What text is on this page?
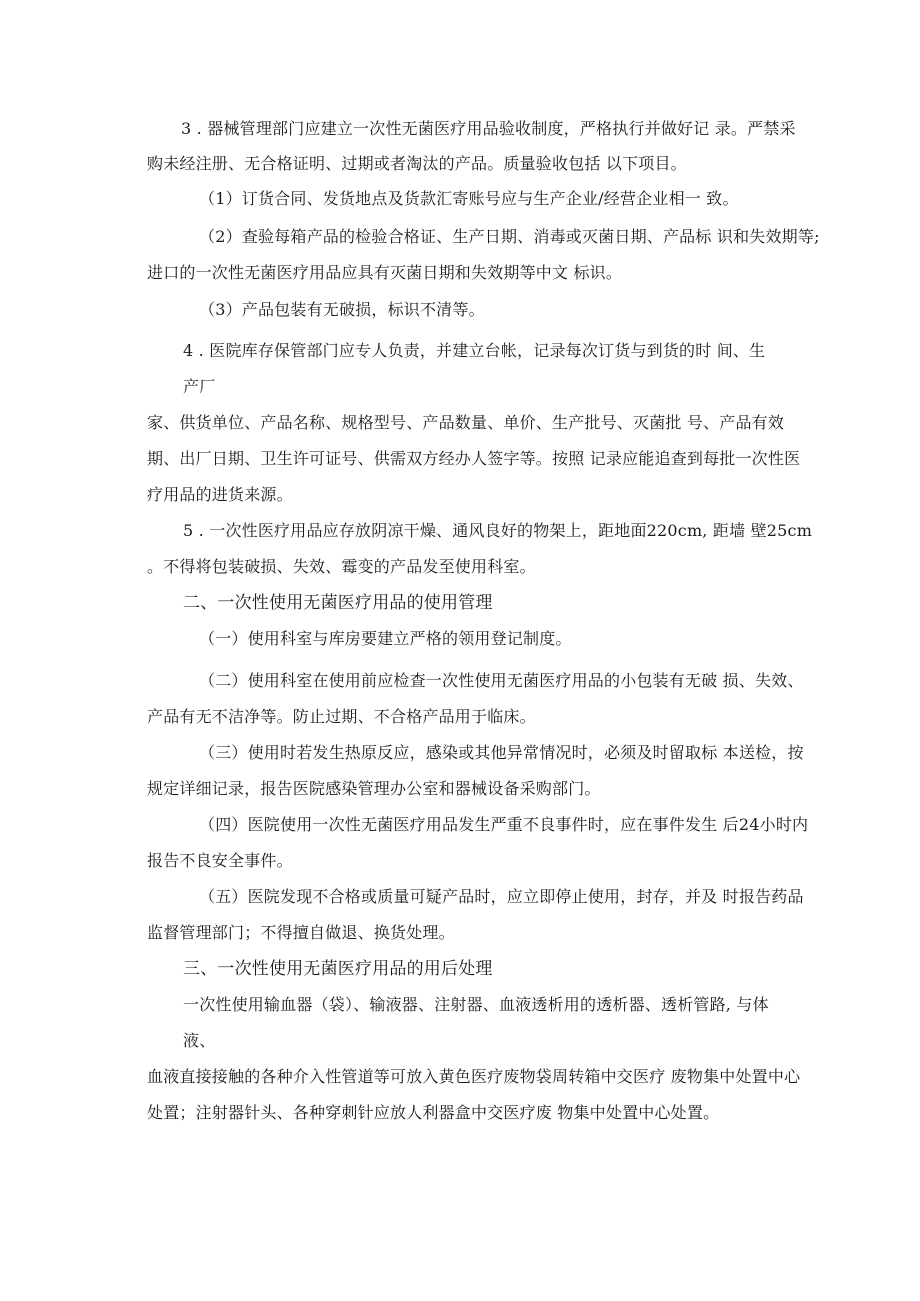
3 . 器械管理部门应建立一次性无菌医疗用品验收制度，严格执行并做好记 录。严禁采
购未经注册、无合格证明、过期或者淘汰的产品。质量验收包括 以下项目。
（1）订货合同、发货地点及货款汇寄账号应与生产企业/经营企业相一 致。
（2）查验每箱产品的检验合格证、生产日期、消毒或灭菌日期、产品标 识和失效期等;
进口的一次性无菌医疗用品应具有灭菌日期和失效期等中文 标识。
（3）产品包装有无破损，标识不清等。
4 . 医院库存保管部门应专人负责，并建立台帐，记录每次订货与到货的时 间、生
产厂
家、供货单位、产品名称、规格型号、产品数量、单价、生产批号、灭菌批 号、产品有效
期、出厂日期、卫生许可证号、供需双方经办人签字等。按照 记录应能追查到每批一次性医
疗用品的进货来源。
5 . 一次性医疗用品应存放阴凉干燥、通风良好的物架上，距地面220cm, 距墙 壁25cm
。不得将包装破损、失效、霉变的产品发至使用科室。
二、一次性使用无菌医疗用品的使用管理
（一）使用科室与库房要建立严格的领用登记制度。
（二）使用科室在使用前应检查一次性使用无菌医疗用品的小包装有无破 损、失效、
产品有无不洁净等。防止过期、不合格产品用于临床。
（三）使用时若发生热原反应，感染或其他异常情况时，必须及时留取标 本送检，按
规定详细记录，报告医院感染管理办公室和器械设备采购部门。
（四）医院使用一次性无菌医疗用品发生严重不良事件时，应在事件发生 后24小时内
报告不良安全事件。
（五）医院发现不合格或质量可疑产品时，应立即停止使用，封存，并及 时报告药品
监督管理部门；不得擅自做退、换货处理。
三、一次性使用无菌医疗用品的用后处理
一次性使用输血器（袋）、输液器、注射器、血液透析用的透析器、透析管路, 与体
液、
血液直接接触的各种介入性管道等可放入黄色医疗废物袋周转箱中交医疗 废物集中处置中心
处置；注射器针头、各种穿刺针应放人利器盒中交医疗废 物集中处置中心处置。
